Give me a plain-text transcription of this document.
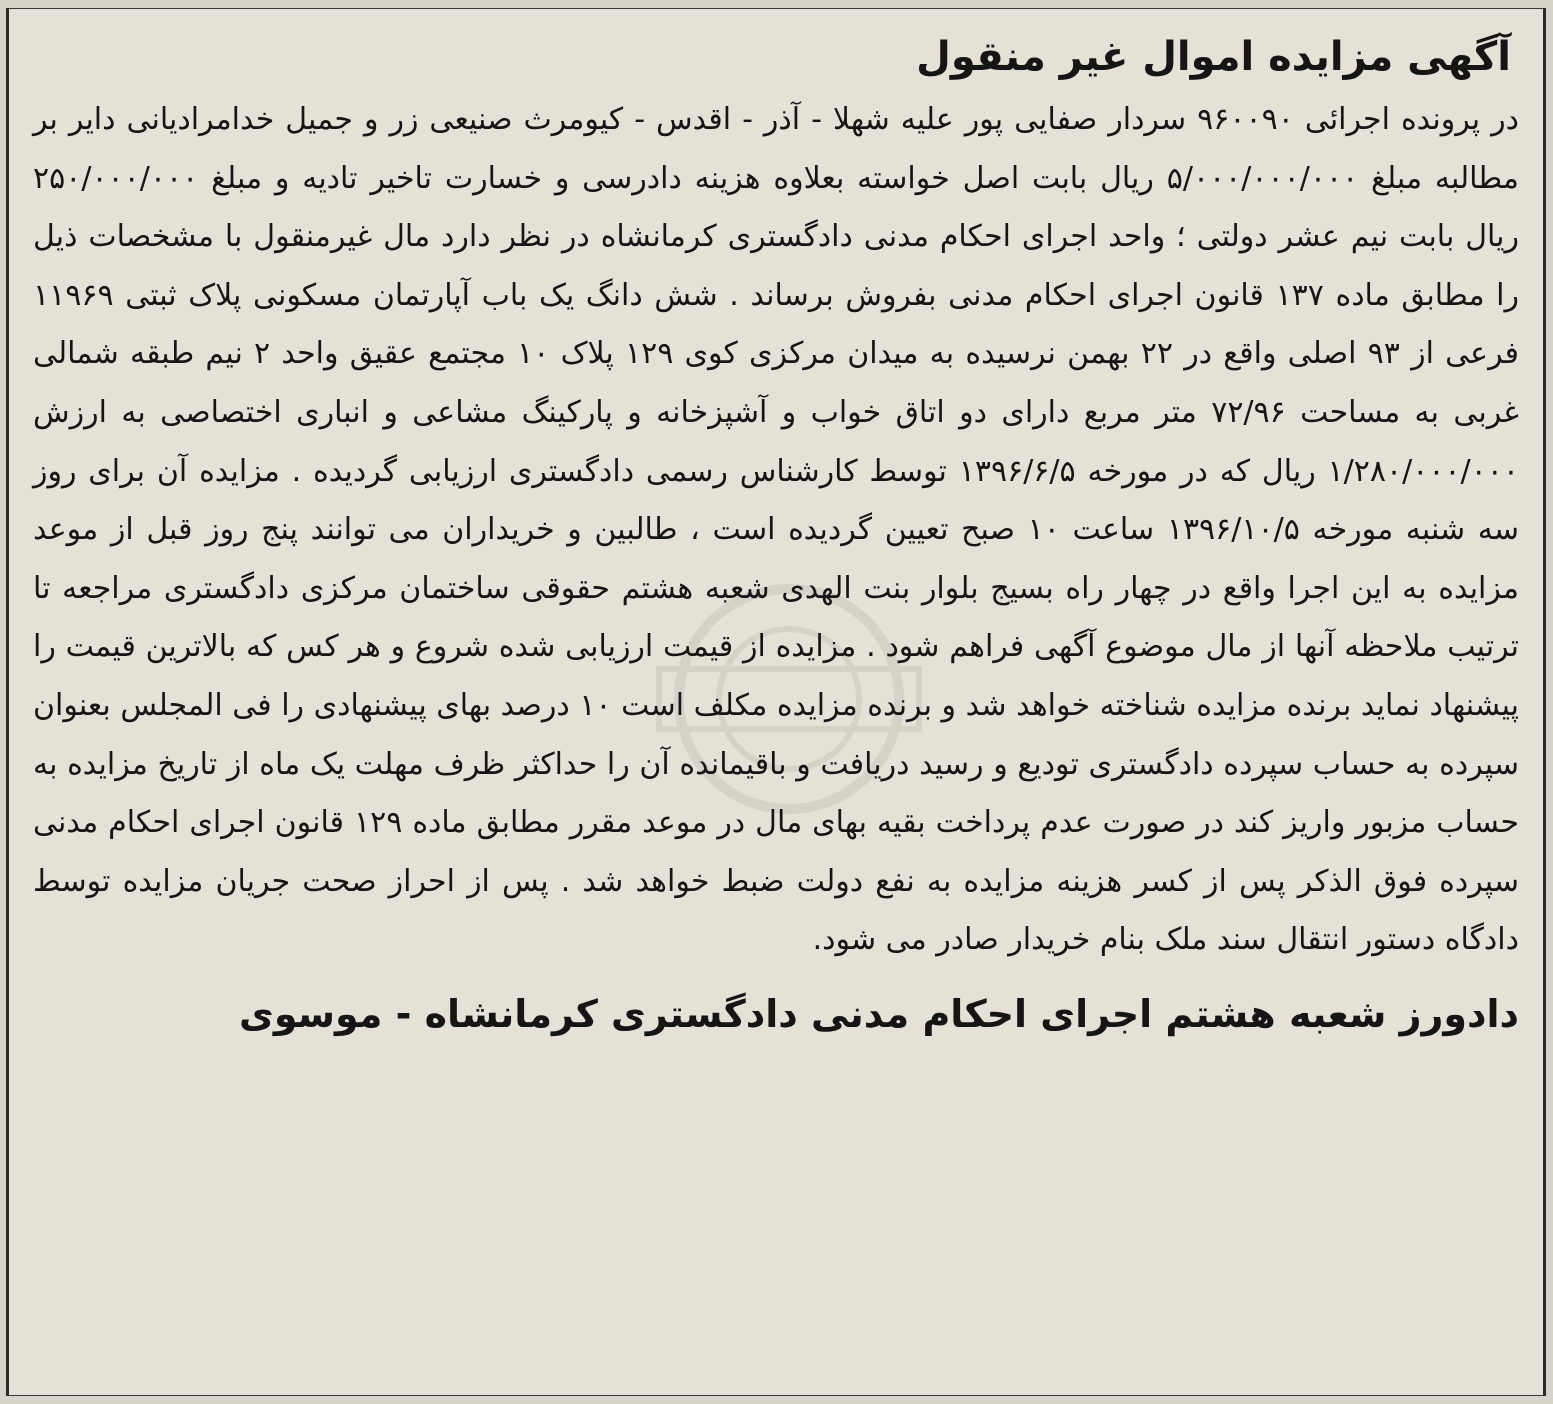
آگهی مزایده اموال غیر منقول

در پرونده اجرائی ۹۶۰۰۹۰ سردار صفایی پور علیه شهلا - آذر - اقدس - کیومرث صنیعی زر و جمیل خدامرادیانی دایر بر مطالبه مبلغ ۵/۰۰۰/۰۰۰/۰۰۰ ریال بابت اصل خواسته بعلاوه هزینه دادرسی و خسارت تاخیر تادیه و مبلغ ۲۵۰/۰۰۰/۰۰۰ ریال بابت نیم عشر دولتی ؛ واحد اجرای احکام مدنی دادگستری کرمانشاه در نظر دارد مال غیرمنقول با مشخصات ذیل را مطابق ماده ۱۳۷ قانون اجرای احکام مدنی بفروش برساند . شش دانگ یک باب آپارتمان مسکونی پلاک ثبتی ۱۱۹۶۹ فرعی از ۹۳ اصلی واقع در ۲۲ بهمن نرسیده به میدان مرکزی کوی ۱۲۹ پلاک ۱۰ مجتمع عقیق واحد ۲ نیم طبقه شمالی غربی به مساحت ۷۲/۹۶ متر مربع دارای دو اتاق خواب و آشپزخانه و پارکینگ مشاعی و انباری اختصاصی به ارزش ۱/۲۸۰/۰۰۰/۰۰۰ ریال که در مورخه ۱۳۹۶/۶/۵ توسط کارشناس رسمی دادگستری ارزیابی گردیده . مزایده آن برای روز سه شنبه مورخه ۱۳۹۶/۱۰/۵ ساعت ۱۰ صبح تعیین گردیده است ، طالبین و خریداران می توانند پنج روز قبل از موعد مزایده به این اجرا واقع در چهار راه بسیج بلوار بنت الهدی شعبه هشتم حقوقی ساختمان مرکزی دادگستری مراجعه تا ترتیب ملاحظه آنها از مال موضوع آگهی فراهم شود . مزایده از قیمت ارزیابی شده شروع و هر کس که بالاترین قیمت را پیشنهاد نماید برنده مزایده شناخته خواهد شد و برنده مزایده مکلف است ۱۰ درصد بهای پیشنهادی را فی المجلس بعنوان سپرده به حساب سپرده دادگستری تودیع و رسید دریافت و باقیمانده آن را حداکثر ظرف مهلت یک ماه از تاریخ مزایده به حساب مزبور واریز کند در صورت عدم پرداخت بقیه بهای مال در موعد مقرر مطابق ماده ۱۲۹ قانون اجرای احکام مدنی سپرده فوق الذکر پس از کسر هزینه مزایده به نفع دولت ضبط خواهد شد . پس از احراز صحت جریان مزایده توسط دادگاه دستور انتقال سند ملک بنام خریدار صادر می شود.

دادورز شعبه هشتم اجرای احکام مدنی دادگستری کرمانشاه - موسوی
